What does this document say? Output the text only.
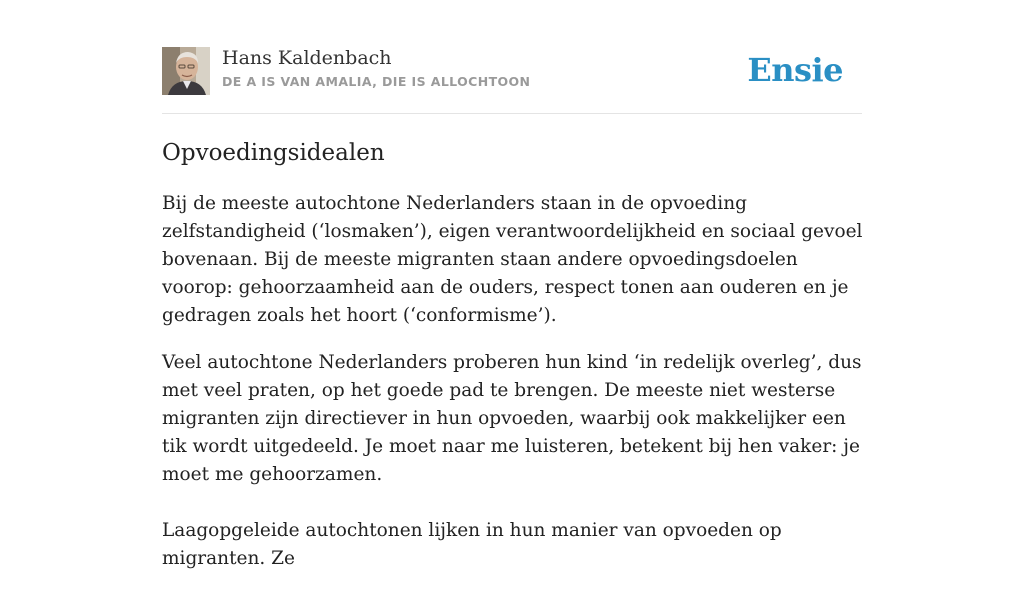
Hans Kaldenbach
DE A IS VAN AMALIA, DIE IS ALLOCHTOON	Ensie
Opvoedingsidealen

Bij de meeste autochtone Nederlanders staan in de opvoeding zelfstandigheid (‘losmaken’), eigen verantwoordelijkheid en sociaal gevoel bovenaan. Bij de meeste migranten staan andere opvoedingsdoelen voorop: gehoorzaamheid aan de ouders, respect tonen aan ouderen en je gedragen zoals het hoort (‘conformisme’).

Veel autochtone Nederlanders proberen hun kind ‘in redelijk overleg’, dus met veel praten, op het goede pad te brengen. De meeste niet westerse migranten zijn directiever in hun opvoeden, waarbij ook makkelijker een tik wordt uitgedeeld. Je moet naar me luisteren, betekent bij hen vaker: je moet me gehoorzamen.

Laagopgeleide autochtonen lijken in hun manier van opvoeden op migranten. Ze
